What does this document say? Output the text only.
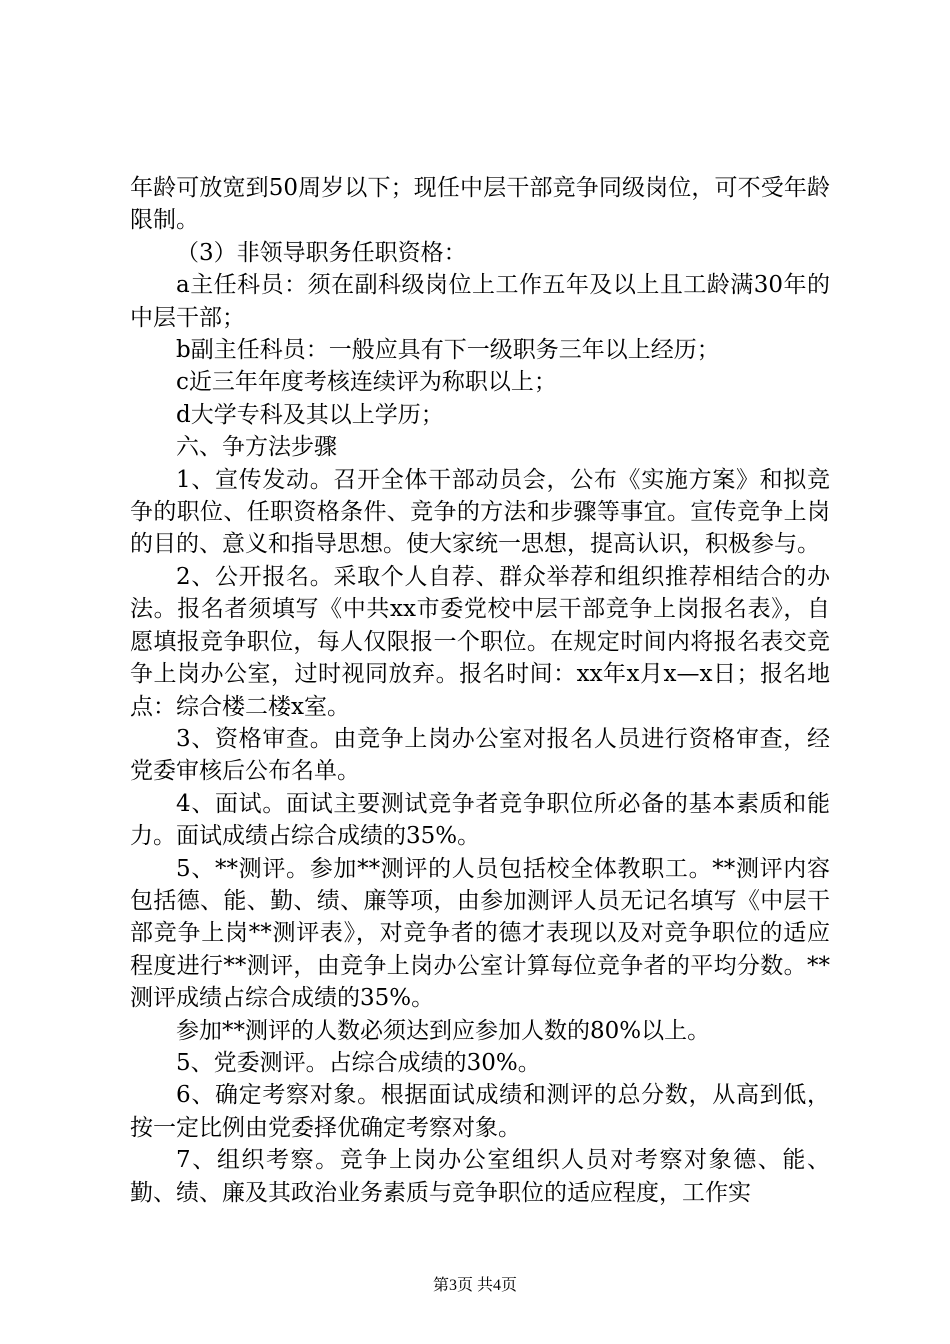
年龄可放宽到50周岁以下；现任中层干部竞争同级岗位，可不受年龄限制。

（3）非领导职务任职资格：

a主任科员：须在副科级岗位上工作五年及以上且工龄满30年的中层干部；

b副主任科员：一般应具有下一级职务三年以上经历；

c近三年年度考核连续评为称职以上；

d大学专科及其以上学历；

六、争方法步骤

1、宣传发动。召开全体干部动员会，公布《实施方案》和拟竞争的职位、任职资格条件、竞争的方法和步骤等事宜。宣传竞争上岗的目的、意义和指导思想。使大家统一思想，提高认识，积极参与。

2、公开报名。采取个人自荐、群众举荐和组织推荐相结合的办法。报名者须填写《中共xx市委党校中层干部竞争上岗报名表》，自愿填报竞争职位，每人仅限报一个职位。在规定时间内将报名表交竞争上岗办公室，过时视同放弃。报名时间：xx年x月x—x日；报名地点：综合楼二楼x室。

3、资格审查。由竞争上岗办公室对报名人员进行资格审查，经党委审核后公布名单。

4、面试。面试主要测试竞争者竞争职位所必备的基本素质和能力。面试成绩占综合成绩的35%。

5、**测评。参加**测评的人员包括校全体教职工。**测评内容包括德、能、勤、绩、廉等项，由参加测评人员无记名填写《中层干部竞争上岗**测评表》，对竞争者的德才表现以及对竞争职位的适应程度进行**测评，由竞争上岗办公室计算每位竞争者的平均分数。**测评成绩占综合成绩的35%。

参加**测评的人数必须达到应参加人数的80%以上。

5、党委测评。占综合成绩的30%。

6、确定考察对象。根据面试成绩和测评的总分数，从高到低，按一定比例由党委择优确定考察对象。

7、组织考察。竞争上岗办公室组织人员对考察对象德、能、勤、绩、廉及其政治业务素质与竞争职位的适应程度，工作实

第3页 共4页
